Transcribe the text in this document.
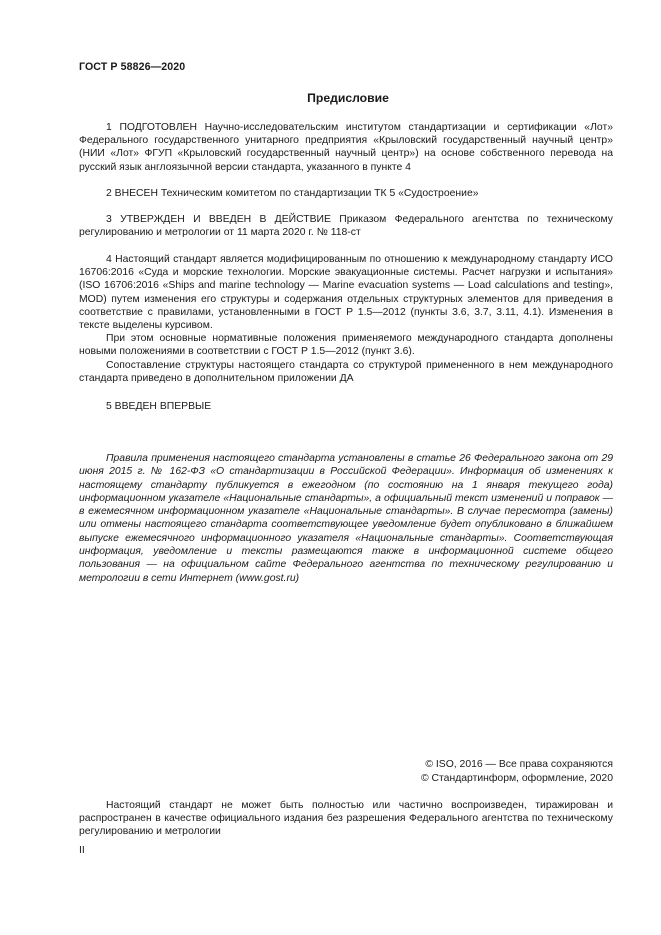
ГОСТ Р 58826—2020
Предисловие

1 ПОДГОТОВЛЕН Научно-исследовательским институтом стандартизации и сертификации «Лот» Федерального государственного унитарного предприятия «Крыловский государственный научный центр» (НИИ «Лот» ФГУП «Крыловский государственный научный центр») на основе собственного перевода на русский язык англоязычной версии стандарта, указанного в пункте 4

2 ВНЕСЕН Техническим комитетом по стандартизации ТК 5 «Судостроение»

3 УТВЕРЖДЕН И ВВЕДЕН В ДЕЙСТВИЕ Приказом Федерального агентства по техническому регулированию и метрологии от 11 марта 2020 г. № 118-ст

4 Настоящий стандарт является модифицированным по отношению к международному стандарту ИСО 16706:2016 «Суда и морские технологии. Морские эвакуационные системы. Расчет нагрузки и испытания» (ISO 16706:2016 «Ships and marine technology — Marine evacuation systems — Load calculations and testing», MOD) путем изменения его структуры и содержания отдельных структурных элементов для приведения в соответствие с правилами, установленными в ГОСТ Р 1.5—2012 (пункты 3.6, 3.7, 3.11, 4.1). Изменения в тексте выделены курсивом.

При этом основные нормативные положения применяемого международного стандарта дополнены новыми положениями в соответствии с ГОСТ Р 1.5—2012 (пункт 3.6).

Сопоставление структуры настоящего стандарта со структурой примененного в нем международного стандарта приведено в дополнительном приложении ДА

5 ВВЕДЕН ВПЕРВЫЕ

Правила применения настоящего стандарта установлены в статье 26 Федерального закона от 29 июня 2015 г. № 162-ФЗ «О стандартизации в Российской Федерации». Информация об изменениях к настоящему стандарту публикуется в ежегодном (по состоянию на 1 января текущего года) информационном указателе «Национальные стандарты», а официальный текст изменений и поправок — в ежемесячном информационном указателе «Национальные стандарты». В случае пересмотра (замены) или отмены настоящего стандарта соответствующее уведомление будет опубликовано в ближайшем выпуске ежемесячного информационного указателя «Национальные стандарты». Соответствующая информация, уведомление и тексты размещаются также в информационной системе общего пользования — на официальном сайте Федерального агентства по техническому регулированию и метрологии в сети Интернет (www.gost.ru)

© ISO, 2016 — Все права сохраняются
© Стандартинформ, оформление, 2020

Настоящий стандарт не может быть полностью или частично воспроизведен, тиражирован и распространен в качестве официального издания без разрешения Федерального агентства по техническому регулированию и метрологии

II
